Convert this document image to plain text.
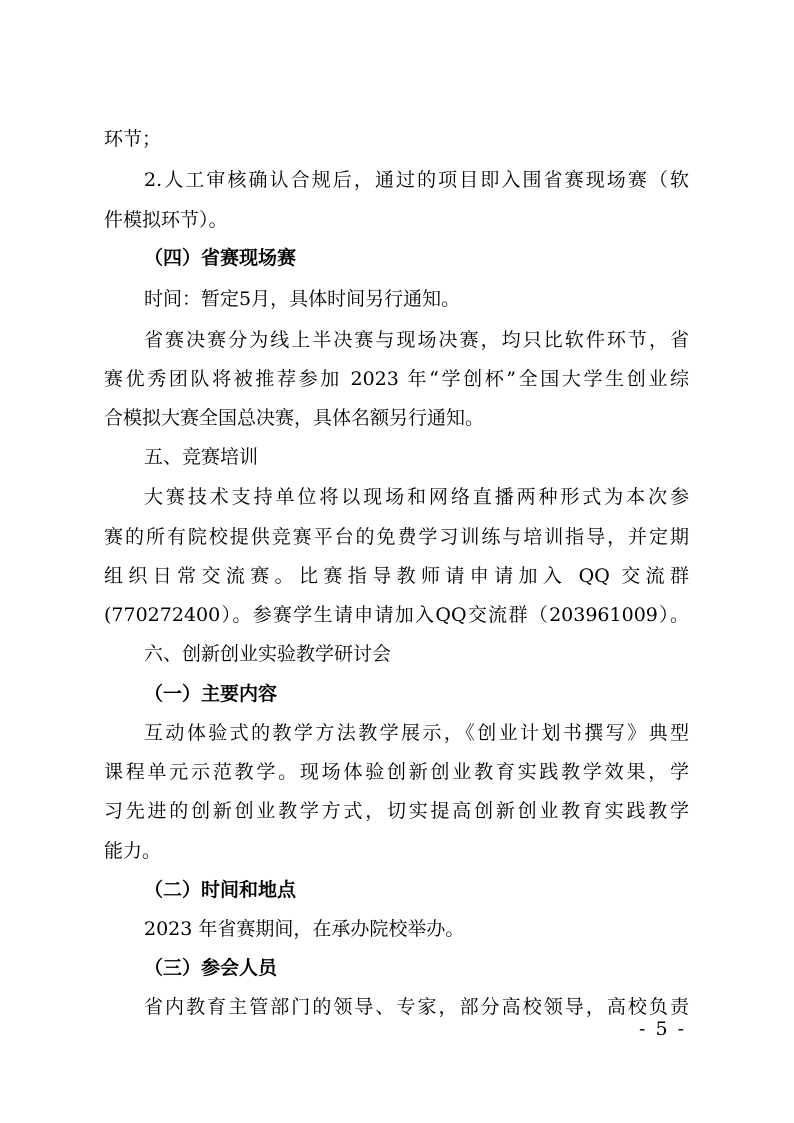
环节；
2.人工审核确认合规后，通过的项目即入围省赛现场赛（软
件模拟环节）。
（四）省赛现场赛
时间：暂定5月，具体时间另行通知。
省赛决赛分为线上半决赛与现场决赛，均只比软件环节，省
赛优秀团队将被推荐参加 2023 年“学创杯”全国大学生创业综
合模拟大赛全国总决赛，具体名额另行通知。
五、竞赛培训
大赛技术支持单位将以现场和网络直播两种形式为本次参
赛的所有院校提供竞赛平台的免费学习训练与培训指导，并定期
组织日常交流赛。比赛指导教师请申请加入 QQ 交流群
(770272400）。参赛学生请申请加入QQ交流群（203961009）。
六、创新创业实验教学研讨会
（一）主要内容
互动体验式的教学方法教学展示，《创业计划书撰写》典型
课程单元示范教学。现场体验创新创业教育实践教学效果，学
习先进的创新创业教学方式，切实提高创新创业教育实践教学
能力。
（二）时间和地点
2023 年省赛期间，在承办院校举办。
（三）参会人员
省内教育主管部门的领导、专家，部分高校领导，高校负责
- 5 -
